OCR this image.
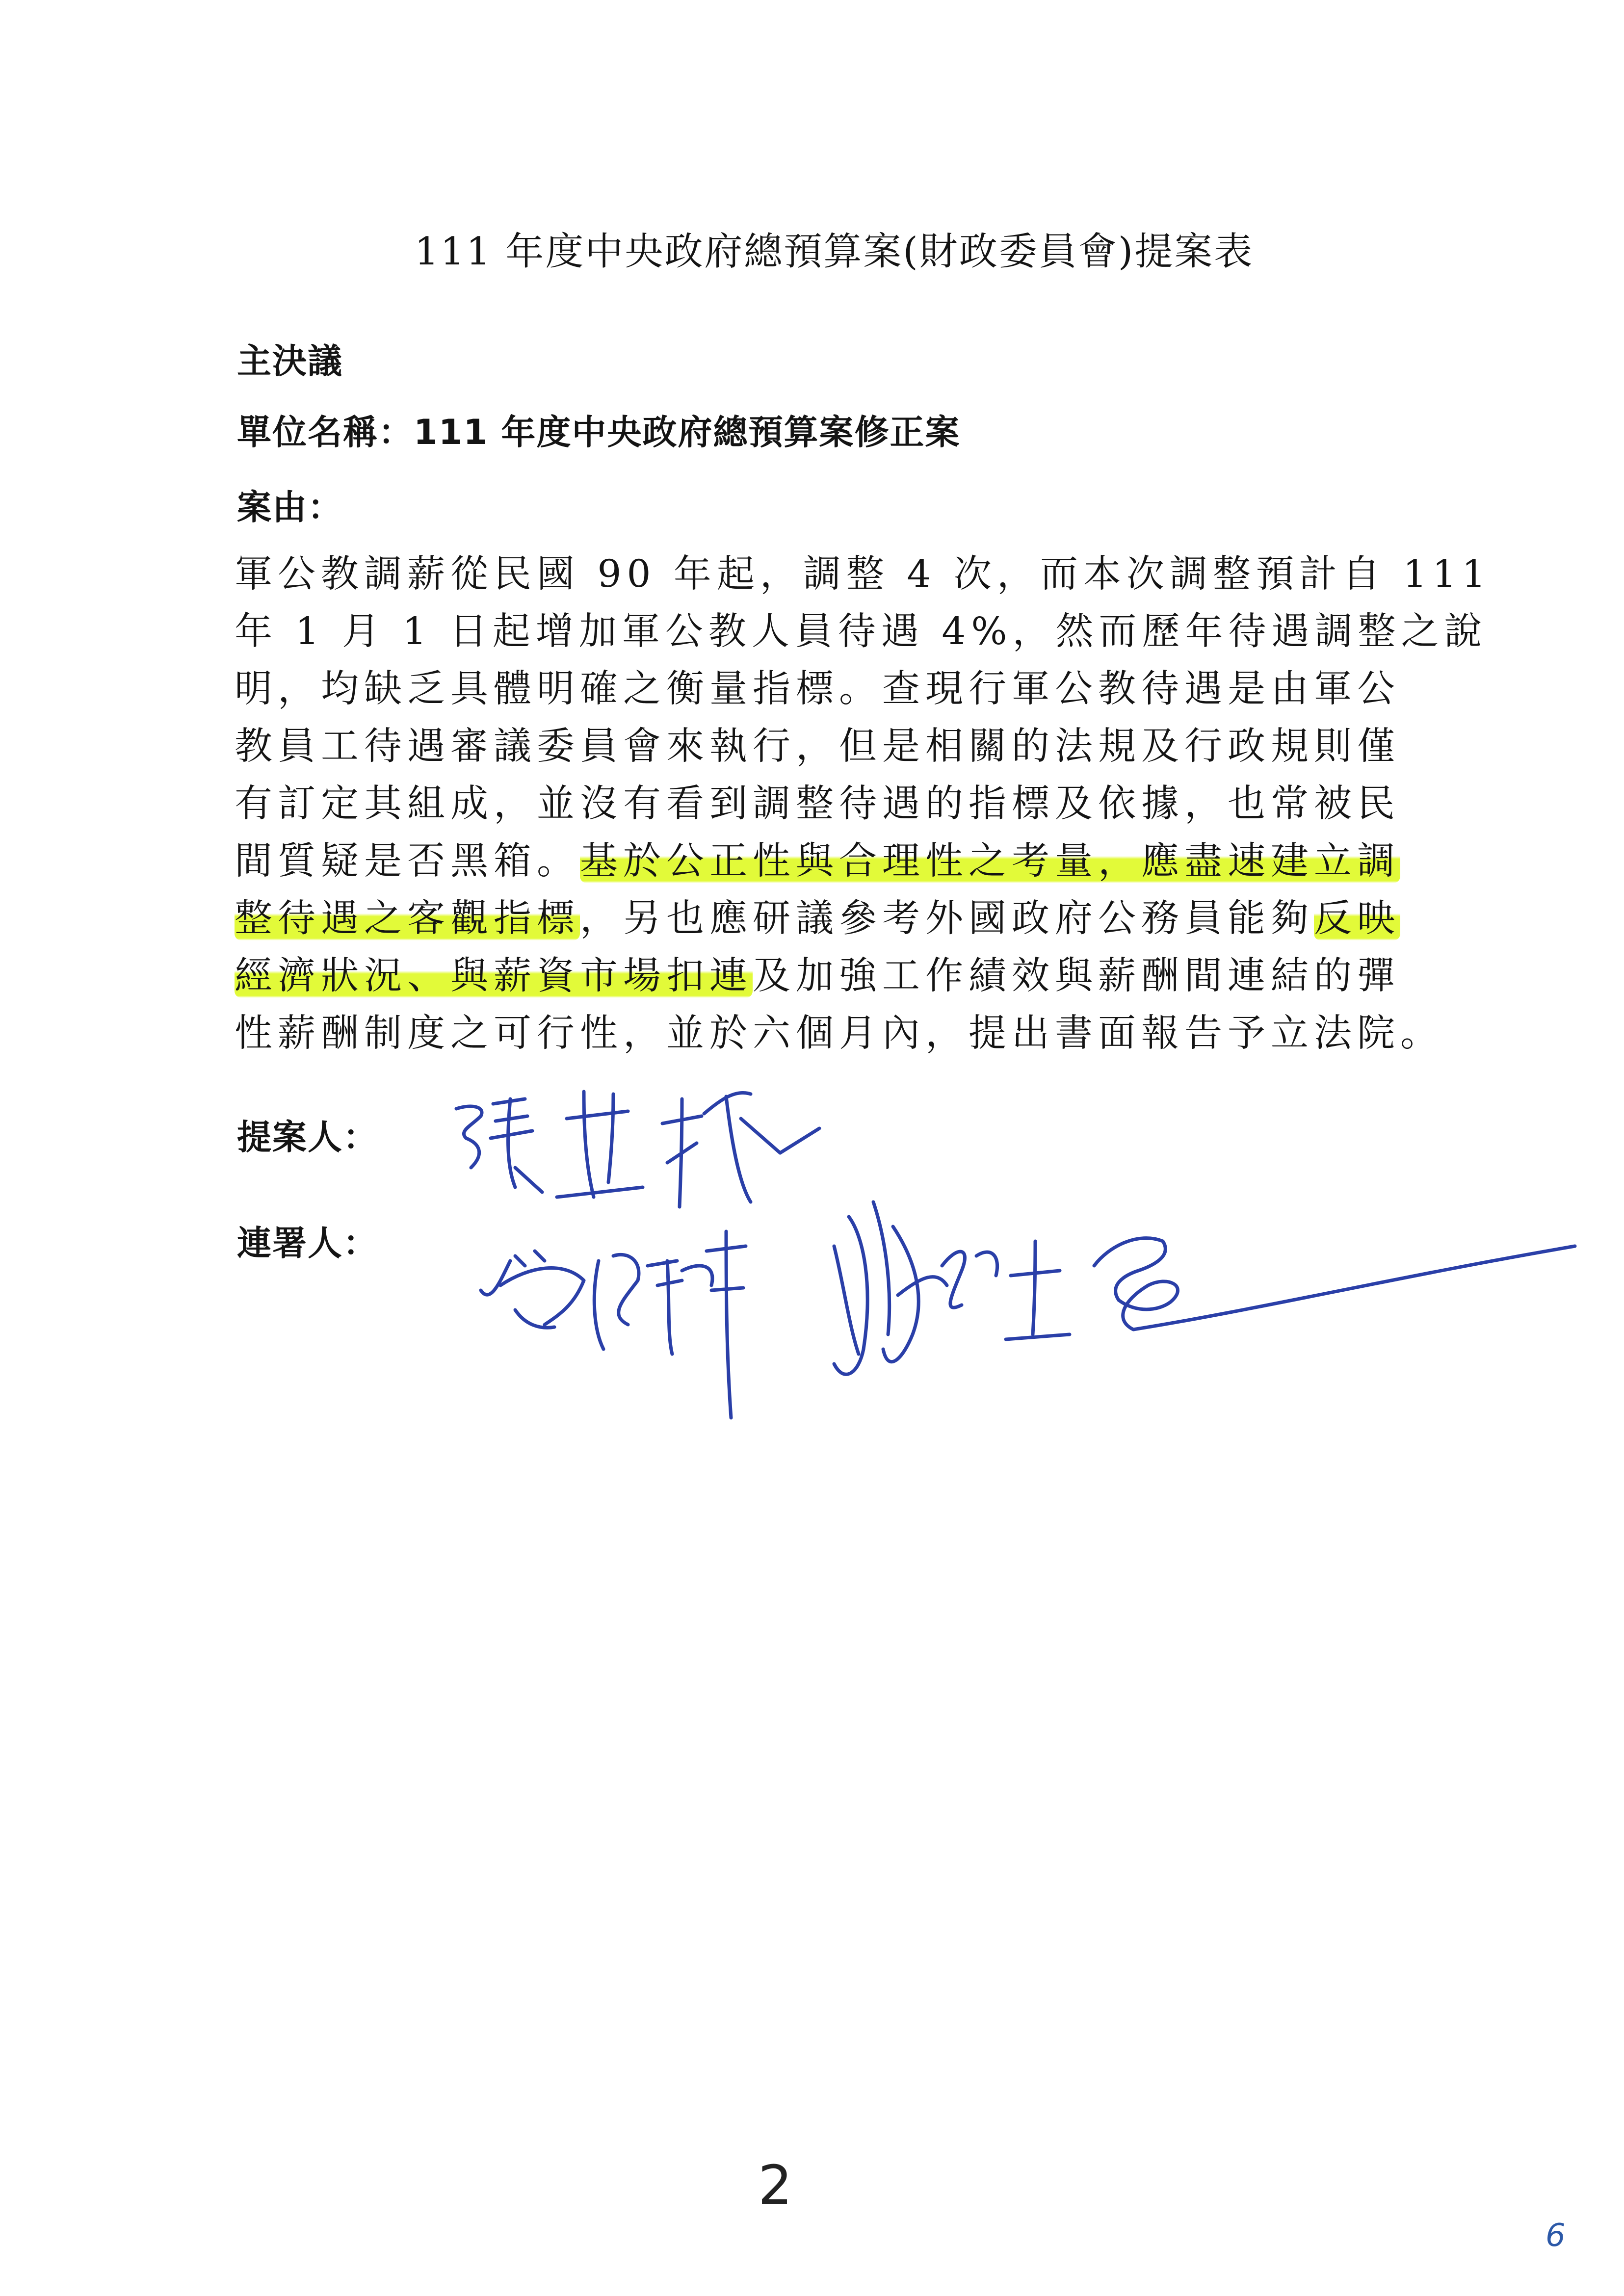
111 年度中央政府總預算案(財政委員會)提案表
主決議
單位名稱：111 年度中央政府總預算案修正案
案由：
軍公教調薪從民國 90 年起，調整 4 次，而本次調整預計自 111
年 1 月 1 日起增加軍公教人員待遇 4%，然而歷年待遇調整之說
明，均缺乏具體明確之衡量指標。查現行軍公教待遇是由軍公
教員工待遇審議委員會來執行，但是相關的法規及行政規則僅
有訂定其組成，並沒有看到調整待遇的指標及依據，也常被民
間質疑是否黑箱。基於公正性與合理性之考量，應盡速建立調
整待遇之客觀指標，另也應研議參考外國政府公務員能夠反映
經濟狀況、與薪資市場扣連及加強工作績效與薪酬間連結的彈
性薪酬制度之可行性，並於六個月內，提出書面報告予立法院。
提案人：
連署人：
2
6
